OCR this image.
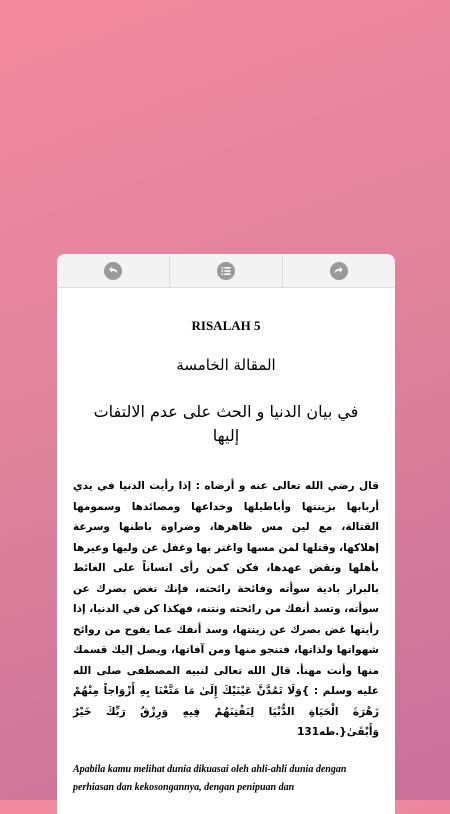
RISALAH 5

المقالة الخامسة

في بيان الدنيا و الحث على عدم الالتفات إليها

قال رضي الله تعالى عنه و أرضاه : إذا رأيت الدنيا في يدي أربابها بزينتها وأباطيلها وخداعها ومصائدها وسمومها القتالة، مع لين مس ظاهرها، وضراوة باطنها وسرعة إهلاكها، وقتلها لمن مسها واغتر بها وغفل عن وليها وعيرها بأهلها ونقض عهدها، فكن كمن رأى انساناً على الغائط بالبراز بادية سوأته وفائحة رائحته، فإنك تغض بصرك عن سوأته، وتسد أنفك من رائحته ونتنه، فهكذا كن في الدنيا، إذا رأيتها غض بصرك عن زينتها، وسد أنفك عما يفوح من روائح شهواتها ولذاتها، فتنجو منها ومن آفاتها، ويصل إليك قسمك منها وأنت مهنأ. قال الله تعالى لنبيه المصطفى صلى الله عليه وسلم : }وَلَا تَمُدَّنَّ عَيْنَيْكَ إِلَىٰ مَا مَتَّعْنَا بِهِ أَزْوَاجاً مِنْهُمْ زَهْرَةَ الْحَيَاةِ الدُّنْيَا لِنَفْتِنَهُمْ فِيهِ وَرِزْقُ رَبِّكَ خَيْرٌ وَأَبْقَىٰ{.طه131

Apabila kamu melihat dunia dikuasai oleh ahli-ahli dunia dengan perhiasan dan kekosongannya, dengan penipuan dan
